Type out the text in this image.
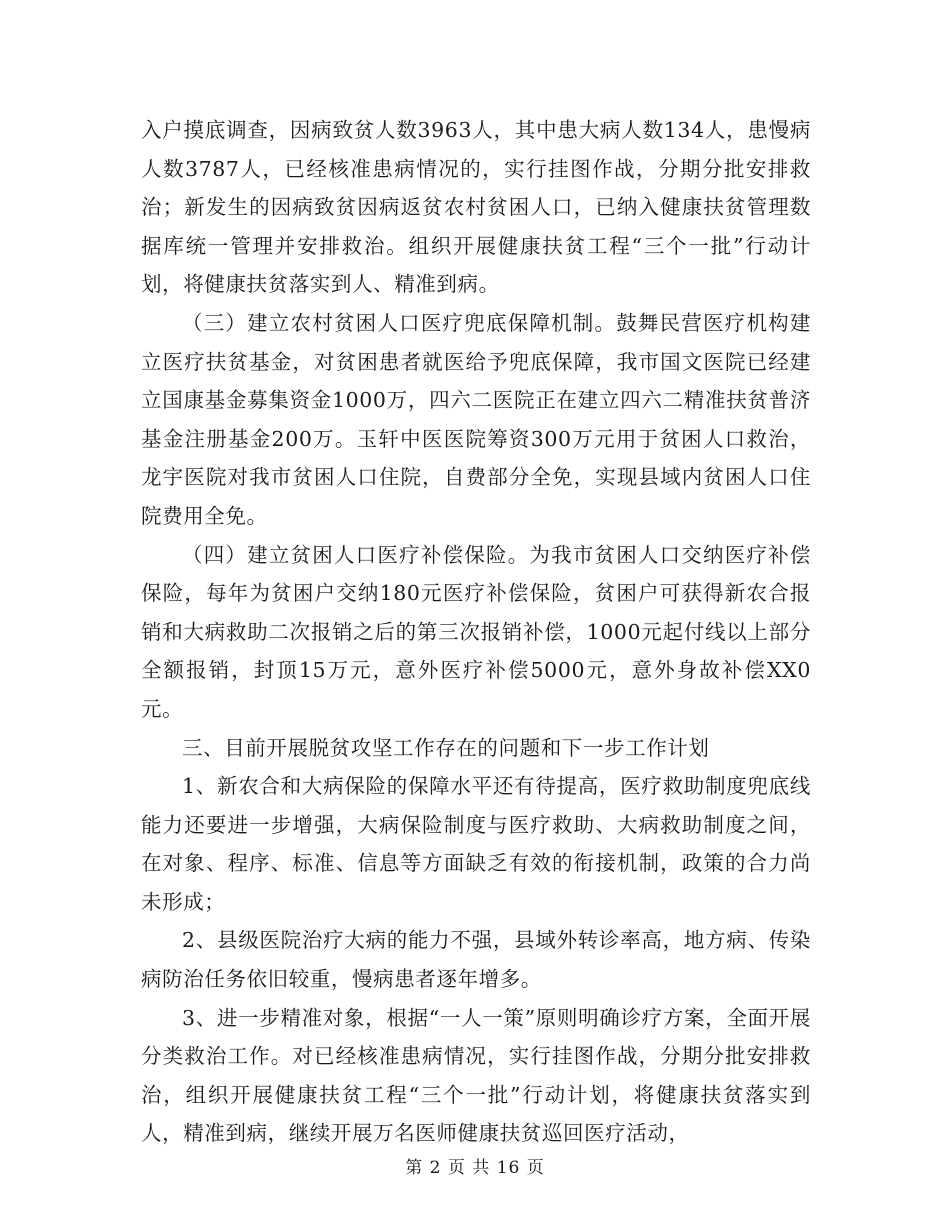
入户摸底调查，因病致贫人数3963人，其中患大病人数134人，患慢病人数3787人，已经核准患病情况的，实行挂图作战，分期分批安排救治；新发生的因病致贫因病返贫农村贫困人口，已纳入健康扶贫管理数据库统一管理并安排救治。组织开展健康扶贫工程“三个一批”行动计划，将健康扶贫落实到人、精准到病。

（三）建立农村贫困人口医疗兜底保障机制。鼓舞民营医疗机构建立医疗扶贫基金，对贫困患者就医给予兜底保障，我市国文医院已经建立国康基金募集资金1000万，四六二医院正在建立四六二精准扶贫普济基金注册基金200万。玉轩中医医院筹资300万元用于贫困人口救治，龙宇医院对我市贫困人口住院，自费部分全免，实现县域内贫困人口住院费用全免。

（四）建立贫困人口医疗补偿保险。为我市贫困人口交纳医疗补偿保险，每年为贫困户交纳180元医疗补偿保险，贫困户可获得新农合报销和大病救助二次报销之后的第三次报销补偿，1000元起付线以上部分全额报销，封顶15万元，意外医疗补偿5000元，意外身故补偿XX0元。

三、目前开展脱贫攻坚工作存在的问题和下一步工作计划

1、新农合和大病保险的保障水平还有待提高，医疗救助制度兜底线能力还要进一步增强，大病保险制度与医疗救助、大病救助制度之间，在对象、程序、标准、信息等方面缺乏有效的衔接机制，政策的合力尚未形成；

2、县级医院治疗大病的能力不强，县域外转诊率高，地方病、传染病防治任务依旧较重，慢病患者逐年增多。

3、进一步精准对象，根据“一人一策”原则明确诊疗方案，全面开展分类救治工作。对已经核准患病情况，实行挂图作战，分期分批安排救治，组织开展健康扶贫工程“三个一批”行动计划，将健康扶贫落实到人，精准到病，继续开展万名医师健康扶贫巡回医疗活动，

第 2 页 共 16 页
